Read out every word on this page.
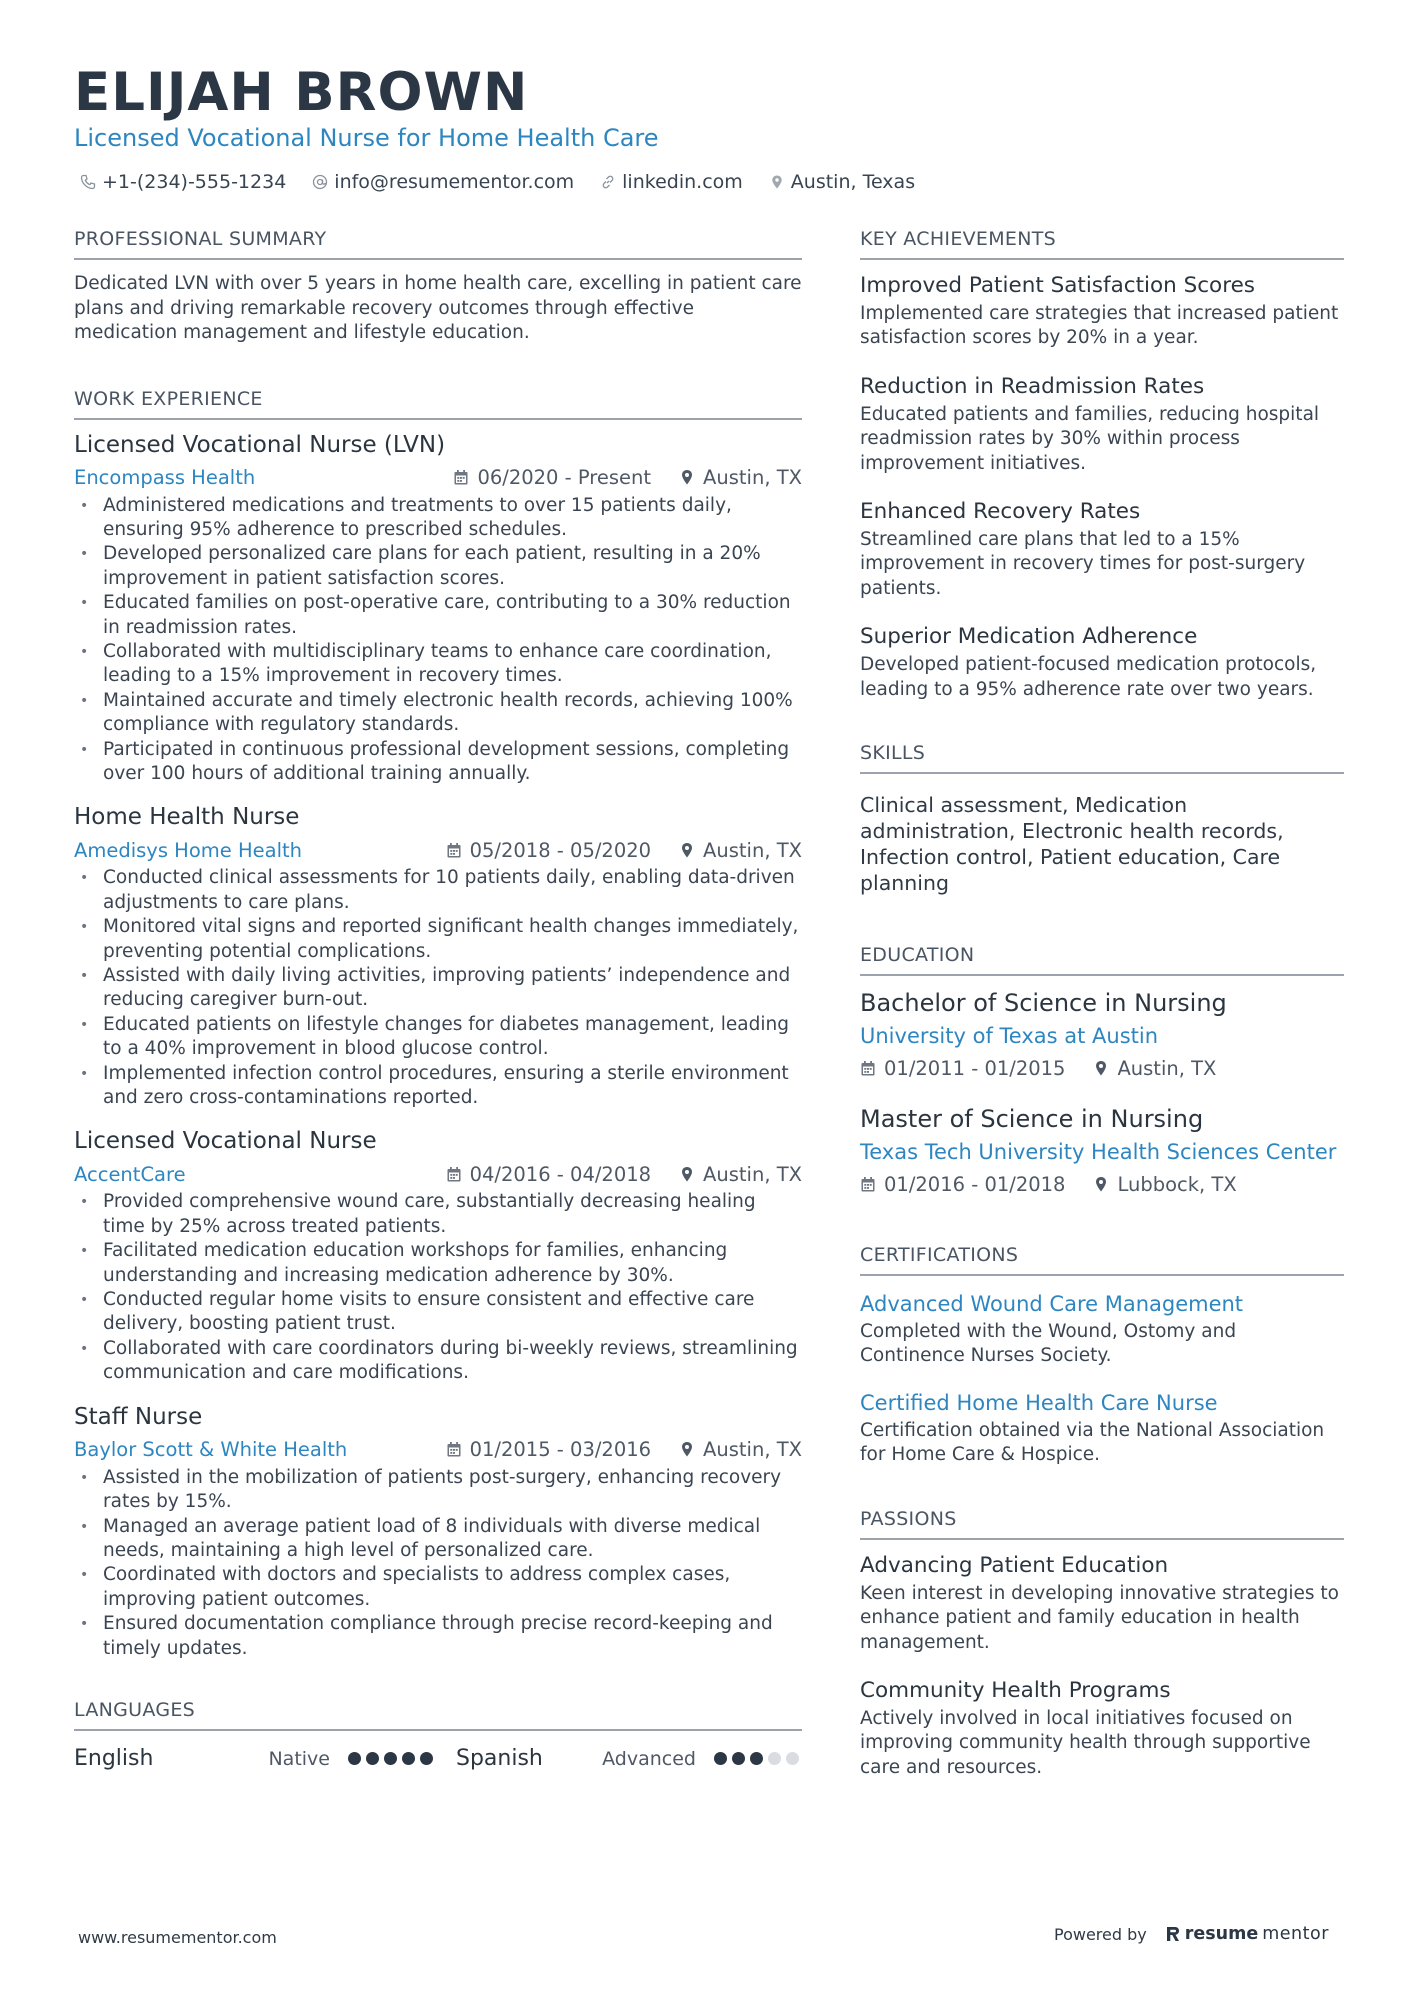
ELIJAH BROWN
Licensed Vocational Nurse for Home Health Care
+1-(234)-555-1234	info@resumementor.com	linkedin.com	Austin, Texas
PROFESSIONAL SUMMARY

Dedicated LVN with over 5 years in home health care, excelling in patient care plans and driving remarkable recovery outcomes through effective medication management and lifestyle education.

WORK EXPERIENCE
Licensed Vocational Nurse (LVN)
Encompass Health	06/2020 - Present	Austin, TX
• Administered medications and treatments to over 15 patients daily, ensuring 95% adherence to prescribed schedules.
• Developed personalized care plans for each patient, resulting in a 20% improvement in patient satisfaction scores.
• Educated families on post-operative care, contributing to a 30% reduction in readmission rates.
• Collaborated with multidisciplinary teams to enhance care coordination, leading to a 15% improvement in recovery times.
• Maintained accurate and timely electronic health records, achieving 100% compliance with regulatory standards.
• Participated in continuous professional development sessions, completing over 100 hours of additional training annually.
Home Health Nurse
Amedisys Home Health	05/2018 - 05/2020	Austin, TX
• Conducted clinical assessments for 10 patients daily, enabling data-driven adjustments to care plans.
• Monitored vital signs and reported significant health changes immediately, preventing potential complications.
• Assisted with daily living activities, improving patients’ independence and reducing caregiver burn-out.
• Educated patients on lifestyle changes for diabetes management, leading to a 40% improvement in blood glucose control.
• Implemented infection control procedures, ensuring a sterile environment and zero cross-contaminations reported.
Licensed Vocational Nurse
AccentCare	04/2016 - 04/2018	Austin, TX
• Provided comprehensive wound care, substantially decreasing healing time by 25% across treated patients.
• Facilitated medication education workshops for families, enhancing understanding and increasing medication adherence by 30%.
• Conducted regular home visits to ensure consistent and effective care delivery, boosting patient trust.
• Collaborated with care coordinators during bi-weekly reviews, streamlining communication and care modifications.
Staff Nurse
Baylor Scott & White Health	01/2015 - 03/2016	Austin, TX
• Assisted in the mobilization of patients post-surgery, enhancing recovery rates by 15%.
• Managed an average patient load of 8 individuals with diverse medical needs, maintaining a high level of personalized care.
• Coordinated with doctors and specialists to address complex cases, improving patient outcomes.
• Ensured documentation compliance through precise record-keeping and timely updates.
LANGUAGES
English	Native	Spanish	Advanced
KEY ACHIEVEMENTS
Improved Patient Satisfaction Scores
Implemented care strategies that increased patient satisfaction scores by 20% in a year.
Reduction in Readmission Rates
Educated patients and families, reducing hospital readmission rates by 30% within process improvement initiatives.
Enhanced Recovery Rates
Streamlined care plans that led to a 15% improvement in recovery times for post-surgery patients.
Superior Medication Adherence
Developed patient-focused medication protocols, leading to a 95% adherence rate over two years.
SKILLS

Clinical assessment, Medication administration, Electronic health records, Infection control, Patient education, Care planning

EDUCATION
Bachelor of Science in Nursing
University of Texas at Austin
01/2011 - 01/2015	Austin, TX
Master of Science in Nursing
Texas Tech University Health Sciences Center
01/2016 - 01/2018	Lubbock, TX
CERTIFICATIONS
Advanced Wound Care Management
Completed with the Wound, Ostomy and Continence Nurses Society.
Certified Home Health Care Nurse
Certification obtained via the National Association for Home Care & Hospice.
PASSIONS
Advancing Patient Education
Keen interest in developing innovative strategies to enhance patient and family education in health management.
Community Health Programs
Actively involved in local initiatives focused on improving community health through supportive care and resources.
www.resumementor.com	Powered by resume mentor
